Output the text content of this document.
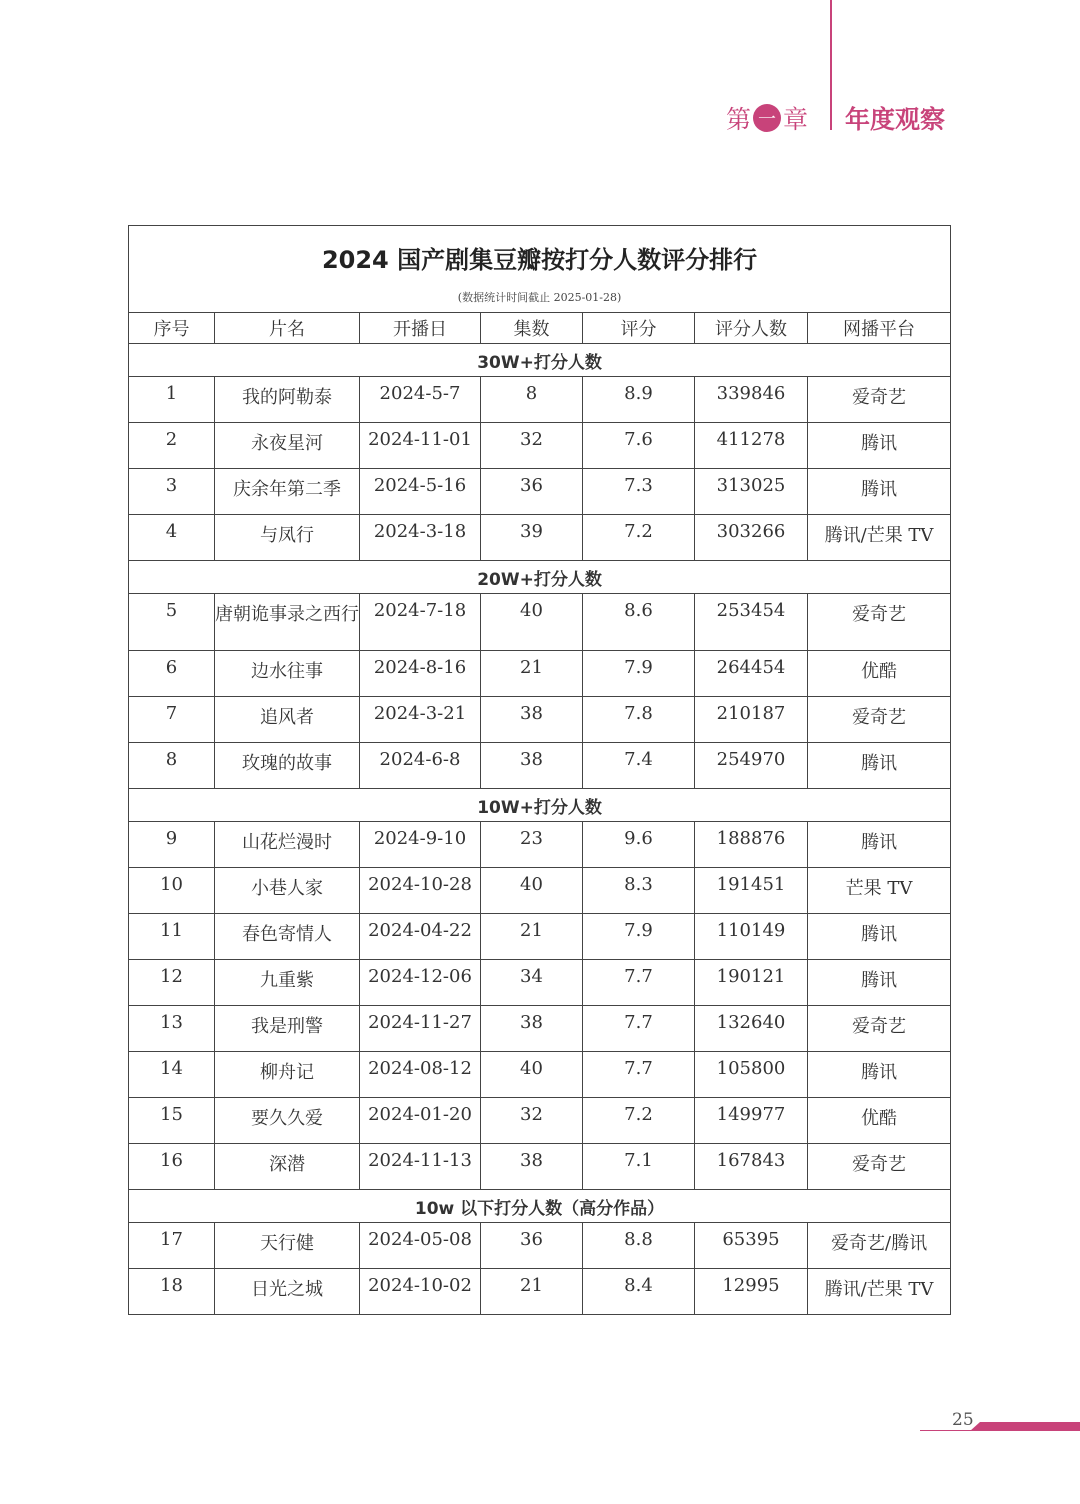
第 一 章 年度观察
2024 国产剧集豆瓣按打分人数评分排行
(数据统计时间截止 2025-01-28)						

序号	片名	开播日	集数	评分	评分人数	网播平台
30W+打分人数						
1	我的阿勒泰	2024-5-7	8	8.9	339846	爱奇艺
2	永夜星河	2024-11-01	32	7.6	411278	腾讯
3	庆余年第二季	2024-5-16	36	7.3	313025	腾讯
4	与凤行	2024-3-18	39	7.2	303266	腾讯/芒果 TV
20W+打分人数						
5	唐朝诡事录之西行	2024-7-18	40	8.6	253454	爱奇艺
6	边水往事	2024-8-16	21	7.9	264454	优酷
7	追风者	2024-3-21	38	7.8	210187	爱奇艺
8	玫瑰的故事	2024-6-8	38	7.4	254970	腾讯
10W+打分人数						
9	山花烂漫时	2024-9-10	23	9.6	188876	腾讯
10	小巷人家	2024-10-28	40	8.3	191451	芒果 TV
11	春色寄情人	2024-04-22	21	7.9	110149	腾讯
12	九重紫	2024-12-06	34	7.7	190121	腾讯
13	我是刑警	2024-11-27	38	7.7	132640	爱奇艺
14	柳舟记	2024-08-12	40	7.7	105800	腾讯
15	要久久爱	2024-01-20	32	7.2	149977	优酷
16	深潜	2024-11-13	38	7.1	167843	爱奇艺
10w 以下打分人数（高分作品）						
17	天行健	2024-05-08	36	8.8	65395	爱奇艺/腾讯
18	日光之城	2024-10-02	21	8.4	12995	腾讯/芒果 TV
25
